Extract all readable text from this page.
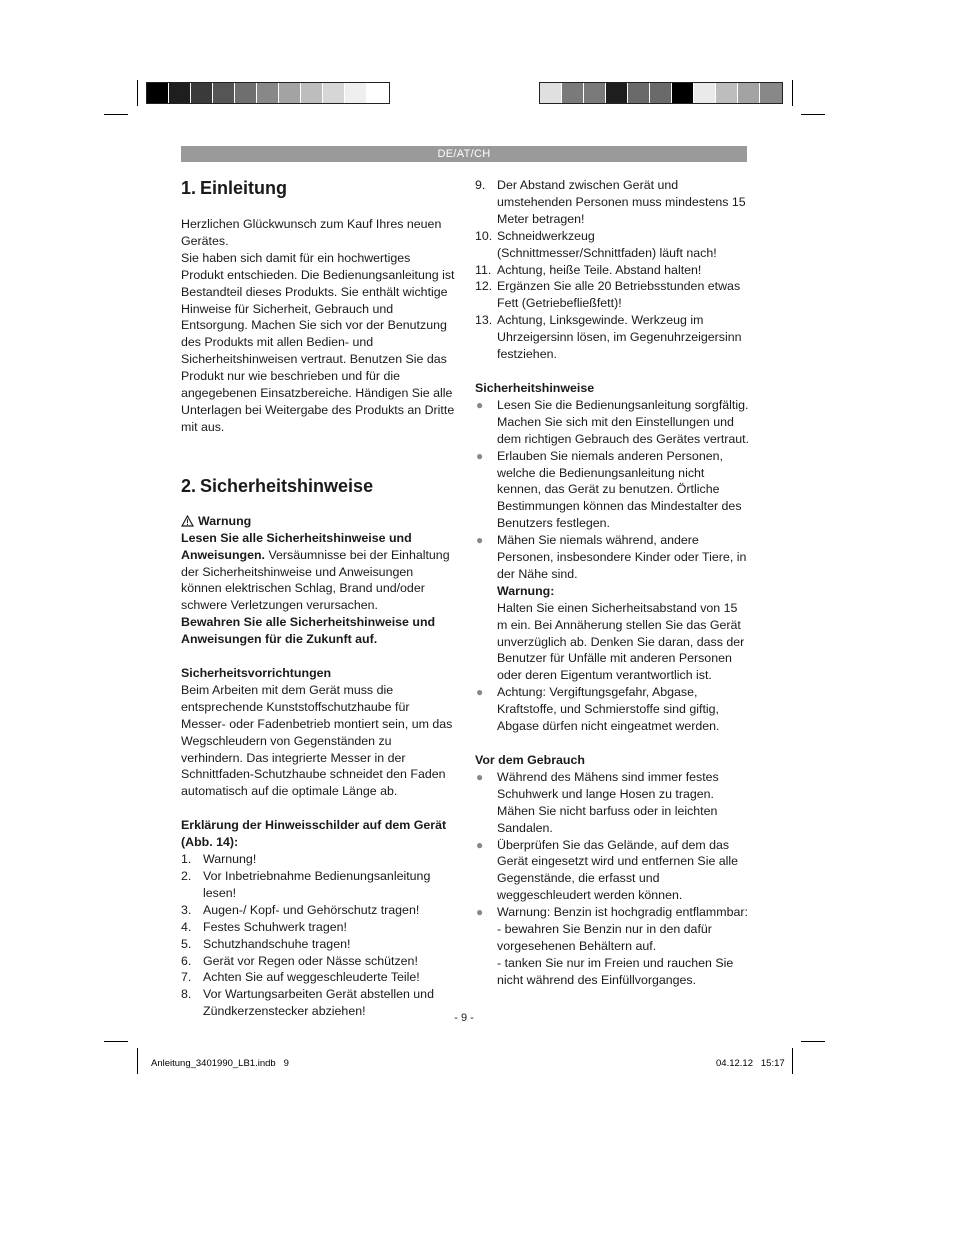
DE/AT/CH

1. Einleitung

Herzlichen Glückwunsch zum Kauf Ihres neuen Gerätes.

Sie haben sich damit für ein hochwertiges Produkt entschieden. Die Bedienungsanleitung ist Bestandteil dieses Produkts. Sie enthält wichtige Hinweise für Sicherheit, Gebrauch und Entsorgung. Machen Sie sich vor der Benutzung des Produkts mit allen Bedien- und Sicherheitshinweisen vertraut. Benutzen Sie das Produkt nur wie beschrieben und für die angegebenen Einsatzbereiche. Händigen Sie alle Unterlagen bei Weitergabe des Produkts an Dritte mit aus.

2. Sicherheitshinweise

Warnung

Lesen Sie alle Sicherheitshinweise und Anweisungen. Versäumnisse bei der Einhaltung der Sicherheitshinweise und Anweisungen können elektrischen Schlag, Brand und/oder schwere Verletzungen verursachen.

Bewahren Sie alle Sicherheitshinweise und Anweisungen für die Zukunft auf.

Sicherheitsvorrichtungen

Beim Arbeiten mit dem Gerät muss die entsprechende Kunststoffschutzhaube für Messer- oder Fadenbetrieb montiert sein, um das Wegschleudern von Gegenständen zu verhindern. Das integrierte Messer in der Schnittfaden-Schutzhaube schneidet den Faden automatisch auf die optimale Länge ab.

Erklärung der Hinweisschilder auf dem Gerät (Abb. 14):

1. Warnung!
2. Vor Inbetriebnahme Bedienungsanleitung lesen!
3. Augen-/ Kopf- und Gehörschutz tragen!
4. Festes Schuhwerk tragen!
5. Schutzhandschuhe tragen!
6. Gerät vor Regen oder Nässe schützen!
7. Achten Sie auf weggeschleuderte Teile!
8. Vor Wartungsarbeiten Gerät abstellen und Zündkerzenstecker abziehen!
9. Der Abstand zwischen Gerät und umstehenden Personen muss mindestens 15 Meter betragen!
10. Schneidwerkzeug (Schnittmesser/Schnittfaden) läuft nach!
11. Achtung, heiße Teile. Abstand halten!
12. Ergänzen Sie alle 20 Betriebsstunden etwas Fett (Getriebefließfett)!
13. Achtung, Linksgewinde. Werkzeug im Uhrzeigersinn lösen, im Gegenuhrzeigersinn festziehen.

Sicherheitshinweise

● Lesen Sie die Bedienungsanleitung sorgfältig. Machen Sie sich mit den Einstellungen und dem richtigen Gebrauch des Gerätes vertraut.
● Erlauben Sie niemals anderen Personen, welche die Bedienungsanleitung nicht kennen, das Gerät zu benutzen. Örtliche Bestimmungen können das Mindestalter des Benutzers festlegen.
● Mähen Sie niemals während, andere Personen, insbesondere Kinder oder Tiere, in der Nähe sind.
Warnung:
Halten Sie einen Sicherheitsabstand von 15 m ein. Bei Annäherung stellen Sie das Gerät unverzüglich ab. Denken Sie daran, dass der Benutzer für Unfälle mit anderen Personen oder deren Eigentum verantwortlich ist.
● Achtung: Vergiftungsgefahr, Abgase, Kraftstoffe, und Schmierstoffe sind giftig, Abgase dürfen nicht eingeatmet werden.

Vor dem Gebrauch

● Während des Mähens sind immer festes Schuhwerk und lange Hosen zu tragen. Mähen Sie nicht barfuss oder in leichten Sandalen.
● Überprüfen Sie das Gelände, auf dem das Gerät eingesetzt wird und entfernen Sie alle Gegenstände, die erfasst und weggeschleudert werden können.
● Warnung: Benzin ist hochgradig entflammbar:
- bewahren Sie Benzin nur in den dafür vorgesehenen Behältern auf.
- tanken Sie nur im Freien und rauchen Sie nicht während des Einfüllvorganges.
- 9 -
Anleitung_3401990_LB1.indb   9	04.12.12   15:17
